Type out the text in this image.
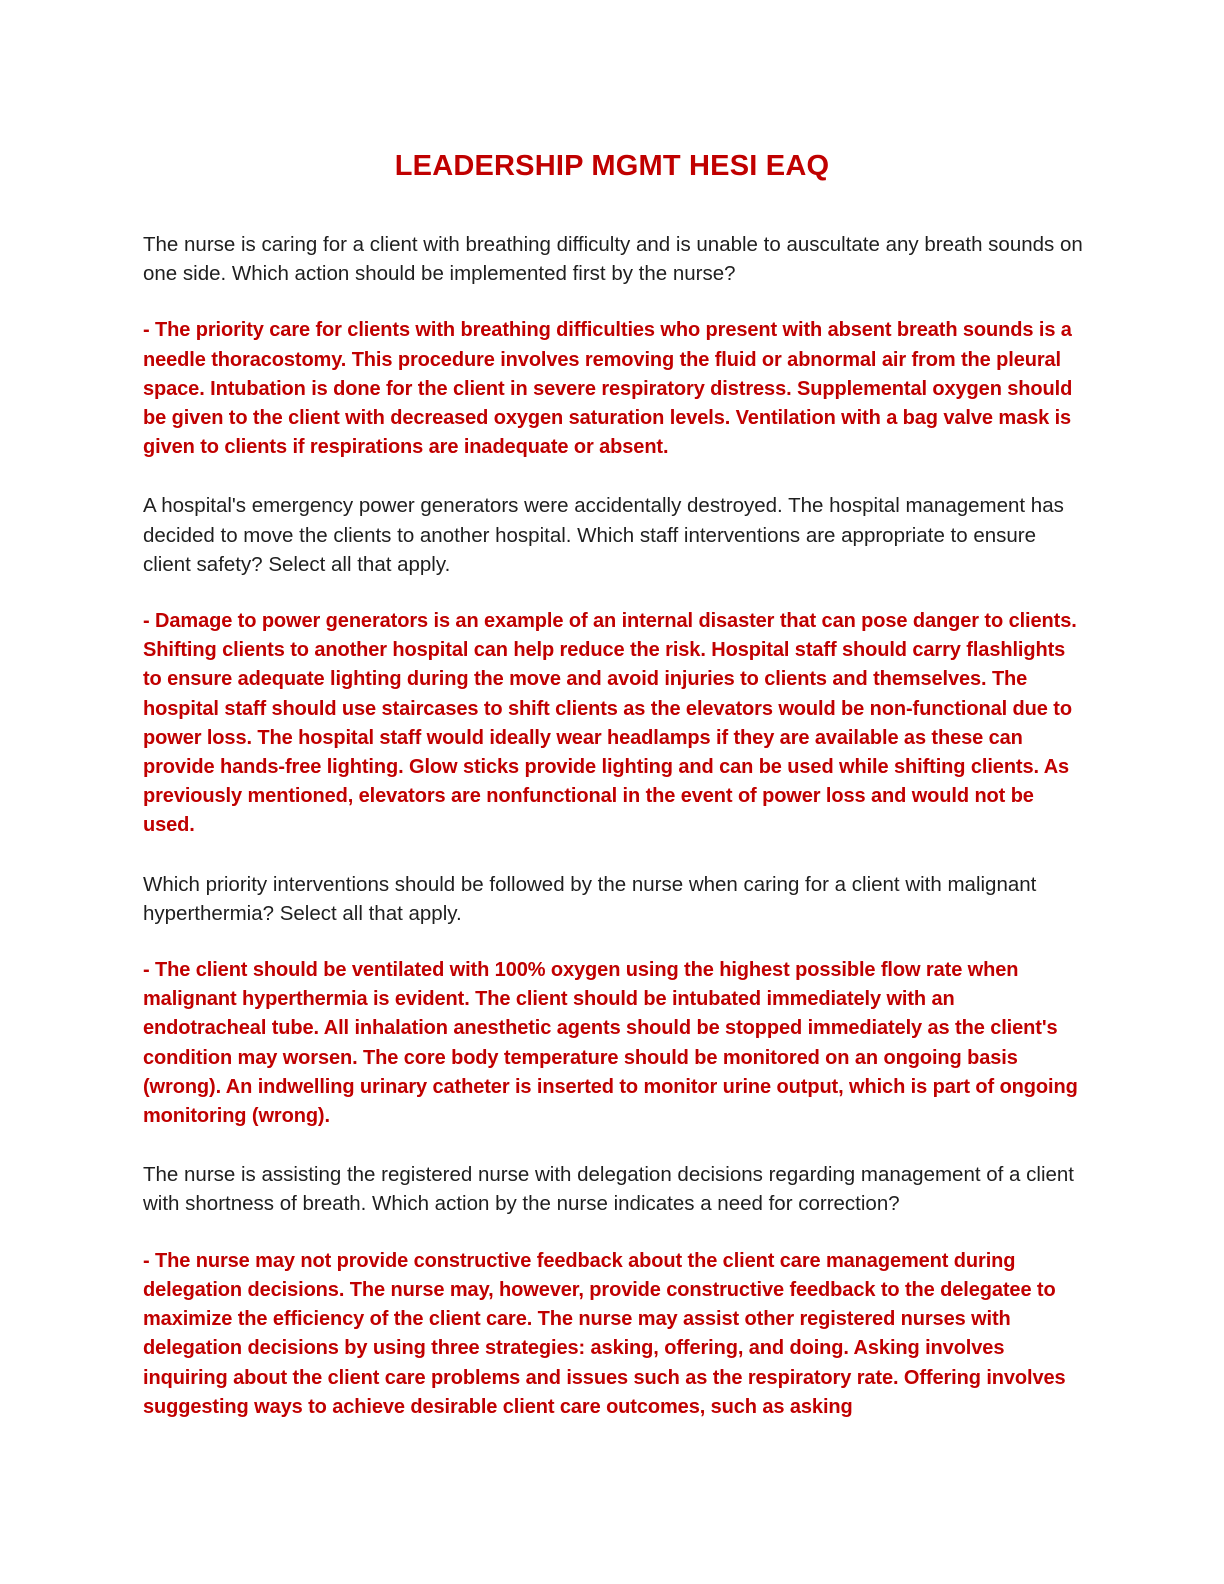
LEADERSHIP MGMT HESI EAQ

The nurse is caring for a client with breathing difficulty and is unable to auscultate any breath sounds on one side. Which action should be implemented first by the nurse?

- The priority care for clients with breathing difficulties who present with absent breath sounds is a needle thoracostomy. This procedure involves removing the fluid or abnormal air from the pleural space. Intubation is done for the client in severe respiratory distress. Supplemental oxygen should be given to the client with decreased oxygen saturation levels. Ventilation with a bag valve mask is given to clients if respirations are inadequate or absent.

A hospital's emergency power generators were accidentally destroyed. The hospital management has decided to move the clients to another hospital. Which staff interventions are appropriate to ensure client safety? Select all that apply.

- Damage to power generators is an example of an internal disaster that can pose danger to clients. Shifting clients to another hospital can help reduce the risk. Hospital staff should carry flashlights to ensure adequate lighting during the move and avoid injuries to clients and themselves. The hospital staff should use staircases to shift clients as the elevators would be non-functional due to power loss. The hospital staff would ideally wear headlamps if they are available as these can provide hands-free lighting. Glow sticks provide lighting and can be used while shifting clients. As previously mentioned, elevators are nonfunctional in the event of power loss and would not be used.

Which priority interventions should be followed by the nurse when caring for a client with malignant hyperthermia? Select all that apply.

- The client should be ventilated with 100% oxygen using the highest possible flow rate when malignant hyperthermia is evident. The client should be intubated immediately with an endotracheal tube. All inhalation anesthetic agents should be stopped immediately as the client's condition may worsen. The core body temperature should be monitored on an ongoing basis (wrong). An indwelling urinary catheter is inserted to monitor urine output, which is part of ongoing monitoring (wrong).

The nurse is assisting the registered nurse with delegation decisions regarding management of a client with shortness of breath. Which action by the nurse indicates a need for correction?

- The nurse may not provide constructive feedback about the client care management during delegation decisions. The nurse may, however, provide constructive feedback to the delegatee to maximize the efficiency of the client care. The nurse may assist other registered nurses with delegation decisions by using three strategies: asking, offering, and doing. Asking involves inquiring about the client care problems and issues such as the respiratory rate. Offering involves suggesting ways to achieve desirable client care outcomes, such as asking
